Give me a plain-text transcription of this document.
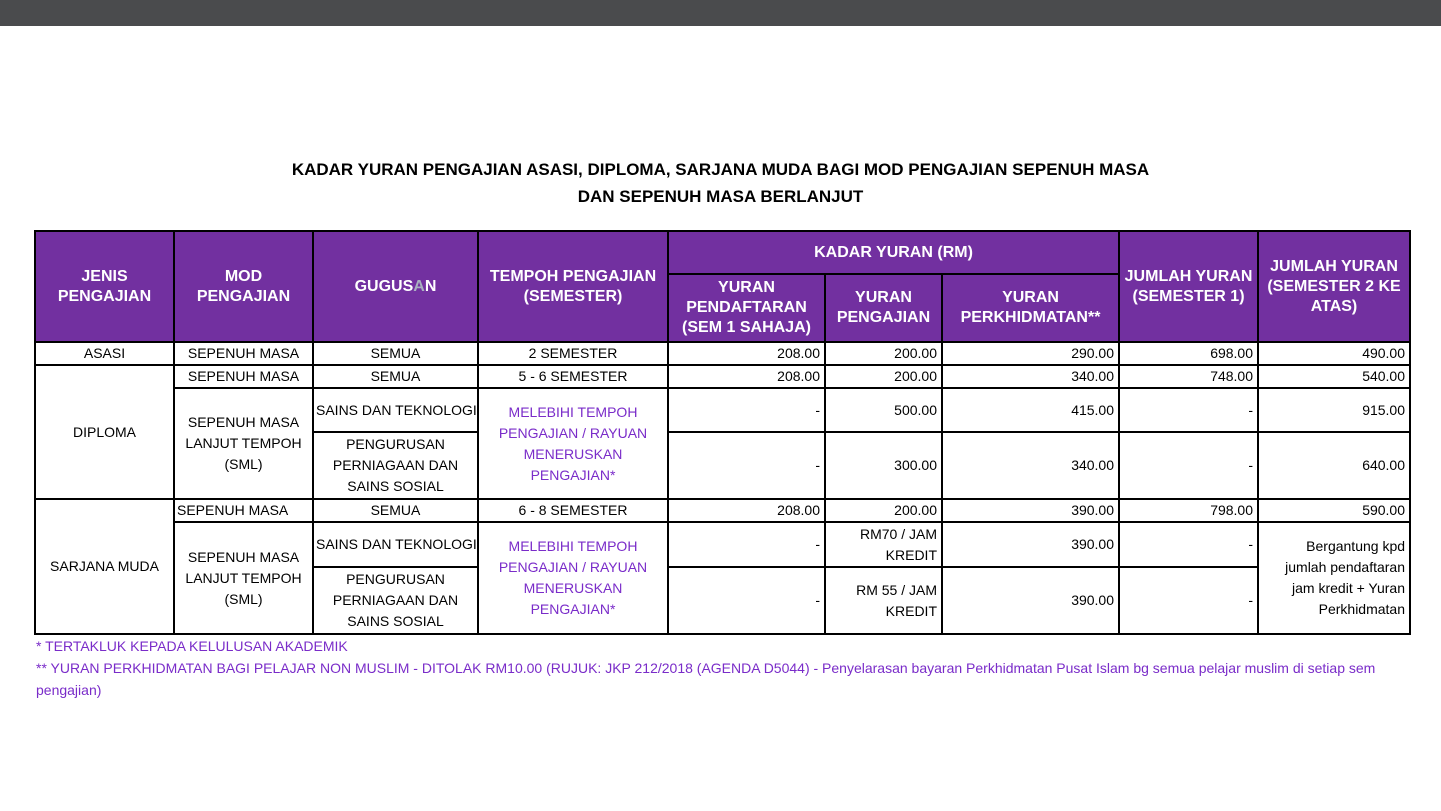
KADAR YURAN PENGAJIAN ASASI, DIPLOMA, SARJANA MUDA BAGI MOD PENGAJIAN SEPENUH MASA
DAN SEPENUH MASA BERLANJUT
JENIS PENGAJIAN	MOD PENGAJIAN	GUGUSAN	TEMPOH PENGAJIAN (SEMESTER)	KADAR YURAN (RM)			JUMLAH YURAN (SEMESTER 1)	JUMLAH YURAN (SEMESTER 2 KE ATAS)
				YURAN PENDAFTARAN (SEM 1 SAHAJA)	YURAN PENGAJIAN	YURAN PERKHIDMATAN**		
ASASI	SEPENUH MASA	SEMUA	2 SEMESTER	208.00	200.00	290.00	698.00	490.00
DIPLOMA	SEPENUH MASA	SEMUA	5 - 6 SEMESTER	208.00	200.00	340.00	748.00	540.00
	SEPENUH MASA LANJUT TEMPOH (SML)	SAINS DAN TEKNOLOGI	MELEBIHI TEMPOH PENGAJIAN / RAYUAN MENERUSKAN PENGAJIAN*	-	500.00	415.00	-	915.00
		PENGURUSAN PERNIAGAAN DAN SAINS SOSIAL		-	300.00	340.00	-	640.00
SARJANA MUDA	SEPENUH MASA	SEMUA	6 - 8 SEMESTER	208.00	200.00	390.00	798.00	590.00
	SEPENUH MASA LANJUT TEMPOH (SML)	SAINS DAN TEKNOLOGI	MELEBIHI TEMPOH PENGAJIAN / RAYUAN MENERUSKAN PENGAJIAN*	-	RM70 / JAM KREDIT	390.00	-	Bergantung kpd jumlah pendaftaran jam kredit + Yuran Perkhidmatan
		PENGURUSAN PERNIAGAAN DAN SAINS SOSIAL		-	RM 55 / JAM KREDIT	390.00	-	

* TERTAKLUK KEPADA KELULUSAN AKADEMIK

** YURAN PERKHIDMATAN BAGI PELAJAR NON MUSLIM - DITOLAK RM10.00 (RUJUK: JKP 212/2018 (AGENDA D5044) - Penyelarasan bayaran Perkhidmatan Pusat Islam bg semua pelajar muslim di setiap sem pengajian)
